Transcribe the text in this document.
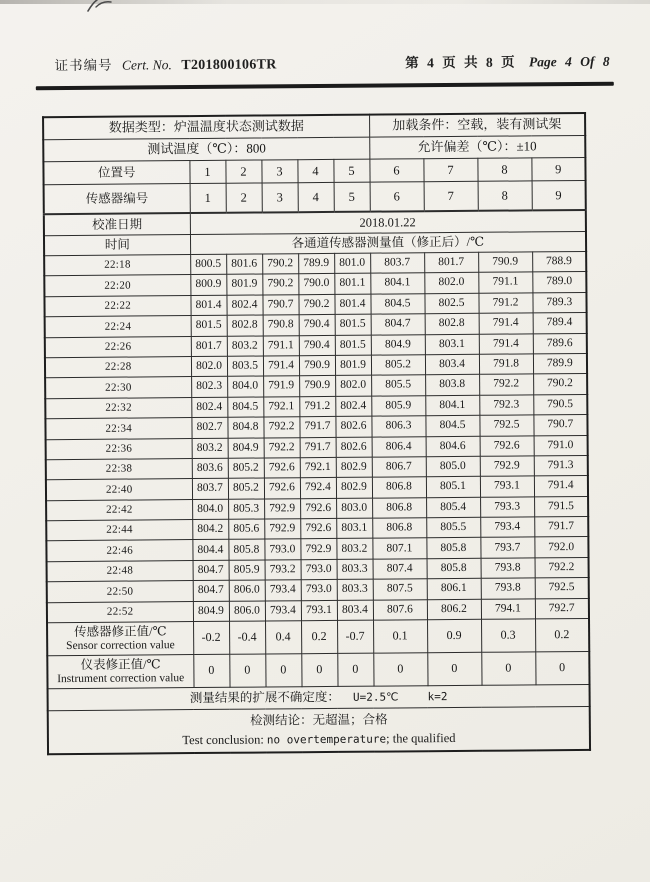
证书编号 Cert. No. T201800106TR	第 4 页 共 8 页 Page 4 Of 8
数据类型：炉温温度状态测试数据						加载条件：空载，装有测试架			
测试温度（℃）：800						允许偏差（℃）：±10			
位置号	1	2	3	4	5	6	7	8	9
传感器编号	1	2	3	4	5	6	7	8	9
校准日期	2018.01.22								
时间	各通道传感器测量值（修正后）/℃								
22:18	800.5	801.6	790.2	789.9	801.0	803.7	801.7	790.9	788.9
22:20	800.9	801.9	790.2	790.0	801.1	804.1	802.0	791.1	789.0
22:22	801.4	802.4	790.7	790.2	801.4	804.5	802.5	791.2	789.3
22:24	801.5	802.8	790.8	790.4	801.5	804.7	802.8	791.4	789.4
22:26	801.7	803.2	791.1	790.4	801.5	804.9	803.1	791.4	789.6
22:28	802.0	803.5	791.4	790.9	801.9	805.2	803.4	791.8	789.9
22:30	802.3	804.0	791.9	790.9	802.0	805.5	803.8	792.2	790.2
22:32	802.4	804.5	792.1	791.2	802.4	805.9	804.1	792.3	790.5
22:34	802.7	804.8	792.2	791.7	802.6	806.3	804.5	792.5	790.7
22:36	803.2	804.9	792.2	791.7	802.6	806.4	804.6	792.6	791.0
22:38	803.6	805.2	792.6	792.1	802.9	806.7	805.0	792.9	791.3
22:40	803.7	805.2	792.6	792.4	802.9	806.8	805.1	793.1	791.4
22:42	804.0	805.3	792.9	792.6	803.0	806.8	805.4	793.3	791.5
22:44	804.2	805.6	792.9	792.6	803.1	806.8	805.5	793.4	791.7
22:46	804.4	805.8	793.0	792.9	803.2	807.1	805.8	793.7	792.0
22:48	804.7	805.9	793.2	793.0	803.3	807.4	805.8	793.8	792.2
22:50	804.7	806.0	793.4	793.0	803.3	807.5	806.1	793.8	792.5
22:52	804.9	806.0	793.4	793.1	803.4	807.6	806.2	794.1	792.7

传感器修正值/℃
Sensor correction value	-0.2	-0.4	0.4	0.2	-0.7	0.1	0.9	0.3	0.2

仪表修正值/℃
Instrument correction value	0	0	0	0	0	0	0	0	0
测量结果的扩展不确定度： U=2.5℃ k=2									

检测结论：无超温；合格
Test conclusion: no overtemperature; the qualified									
